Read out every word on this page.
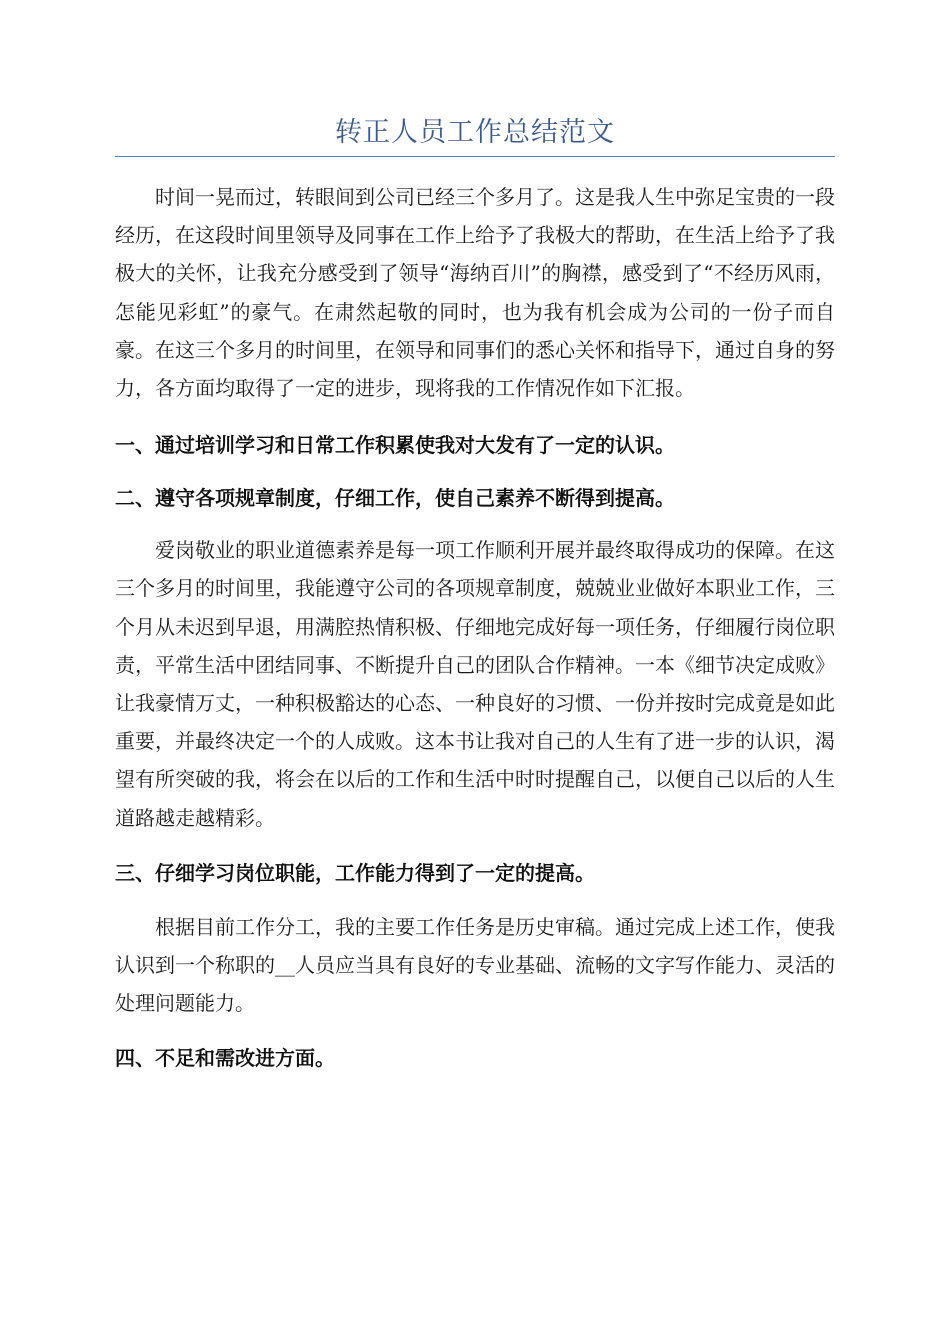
转正人员工作总结范文

时间一晃而过，转眼间到公司已经三个多月了。这是我人生中弥足宝贵的一段经历，在这段时间里领导及同事在工作上给予了我极大的帮助，在生活上给予了我极大的关怀，让我充分感受到了领导“海纳百川”的胸襟，感受到了“不经历风雨，怎能见彩虹”的豪气。在肃然起敬的同时，也为我有机会成为公司的一份子而自豪。在这三个多月的时间里，在领导和同事们的悉心关怀和指导下，通过自身的努力，各方面均取得了一定的进步，现将我的工作情况作如下汇报。

一、通过培训学习和日常工作积累使我对大发有了一定的认识。

二、遵守各项规章制度，仔细工作，使自己素养不断得到提高。

爱岗敬业的职业道德素养是每一项工作顺利开展并最终取得成功的保障。在这三个多月的时间里，我能遵守公司的各项规章制度，兢兢业业做好本职业工作，三个月从未迟到早退，用满腔热情积极、仔细地完成好每一项任务，仔细履行岗位职责，平常生活中团结同事、不断提升自己的团队合作精神。一本《细节决定成败》让我豪情万丈，一种积极豁达的心态、一种良好的习惯、一份并按时完成竟是如此重要，并最终决定一个的人成败。这本书让我对自己的人生有了进一步的认识，渴望有所突破的我，将会在以后的工作和生活中时时提醒自己，以便自己以后的人生道路越走越精彩。

三、仔细学习岗位职能，工作能力得到了一定的提高。

根据目前工作分工，我的主要工作任务是历史审稿。通过完成上述工作，使我认识到一个称职的__人员应当具有良好的专业基础、流畅的文字写作能力、灵活的处理问题能力。

四、不足和需改进方面。
